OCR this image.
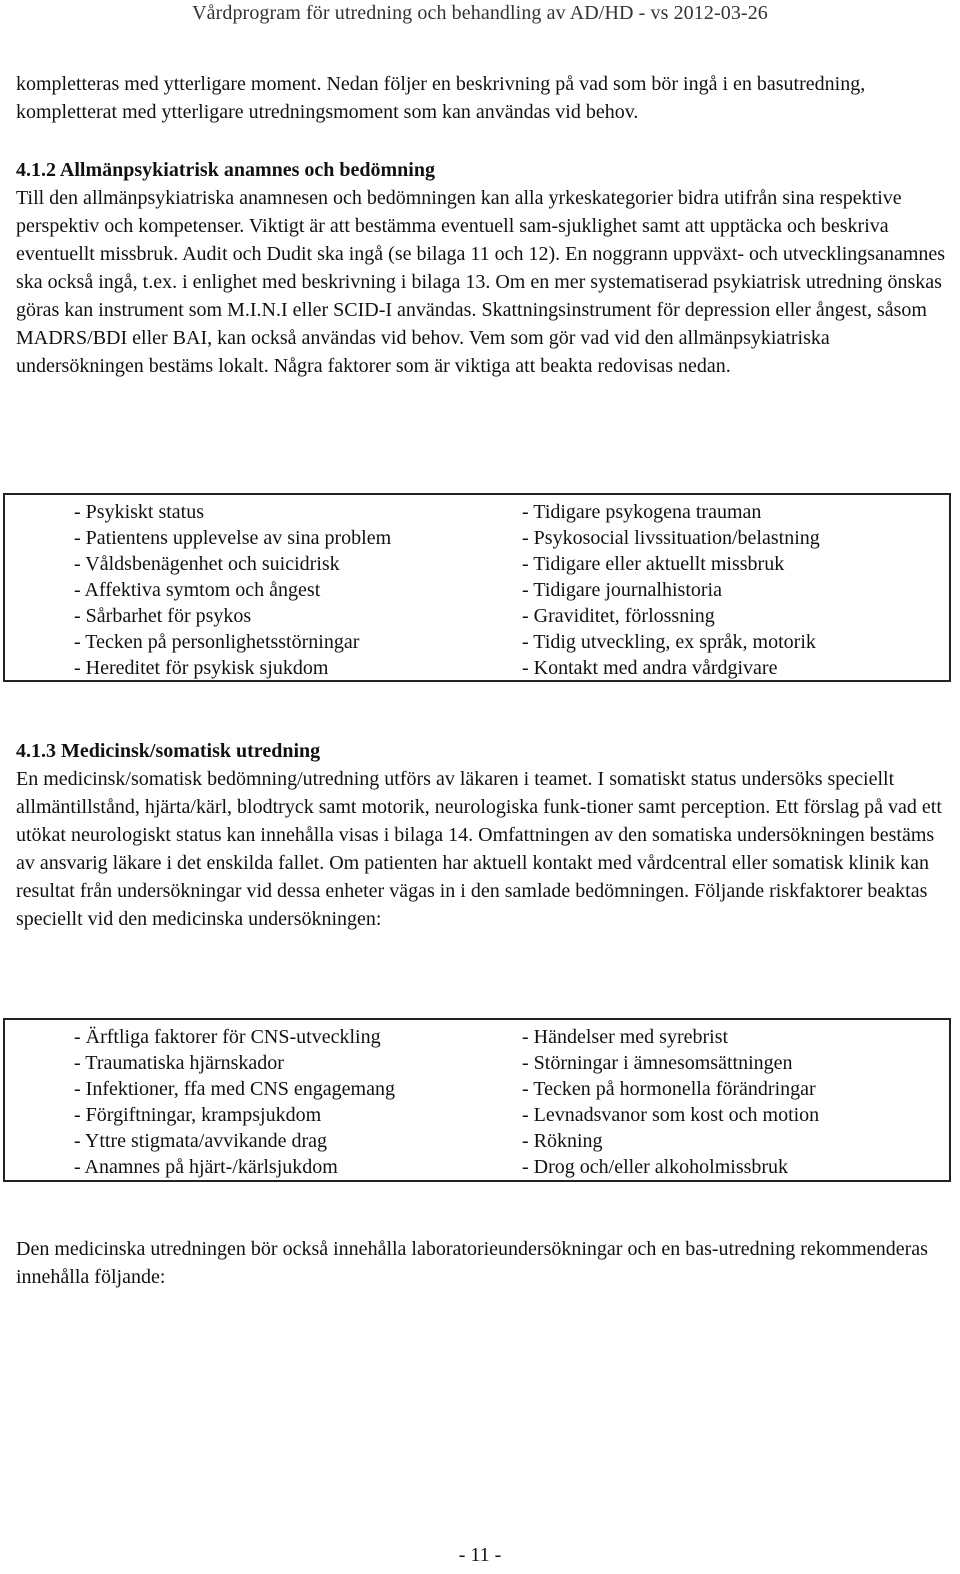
Vårdprogram för utredning och behandling av AD/HD - vs 2012-03-26

kompletteras med ytterligare moment. Nedan följer en beskrivning på vad som bör ingå i en basutredning, kompletterat med ytterligare utredningsmoment som kan användas vid behov.

4.1.2 Allmänpsykiatrisk anamnes och bedömning

Till den allmänpsykiatriska anamnesen och bedömningen kan alla yrkeskategorier bidra utifrån sina respektive perspektiv och kompetenser. Viktigt är att bestämma eventuell sam-sjuklighet samt att upptäcka och beskriva eventuellt missbruk. Audit och Dudit ska ingå (se bilaga 11 och 12). En noggrann uppväxt- och utvecklingsanamnes ska också ingå, t.ex. i enlighet med beskrivning i bilaga 13. Om en mer systematiserad psykiatrisk utredning önskas göras kan instrument som M.I.N.I eller SCID-I användas. Skattningsinstrument för depression eller ångest, såsom MADRS/BDI eller BAI, kan också användas vid behov. Vem som gör vad vid den allmänpsykiatriska undersökningen bestäms lokalt. Några faktorer som är viktiga att beakta redovisas nedan.

- Psykiskt status
- Patientens upplevelse av sina problem
- Våldsbenägenhet och suicidrisk
- Affektiva symtom och ångest
- Sårbarhet för psykos
- Tecken på personlighetsstörningar
- Hereditet för psykisk sjukdom
- Tidigare psykogena trauman
- Psykosocial livssituation/belastning
- Tidigare eller aktuellt missbruk
- Tidigare journalhistoria
- Graviditet, förlossning
- Tidig utveckling, ex språk, motorik
- Kontakt med andra vårdgivare
4.1.3 Medicinsk/somatisk utredning

En medicinsk/somatisk bedömning/utredning utförs av läkaren i teamet. I somatiskt status undersöks speciellt allmäntillstånd, hjärta/kärl, blodtryck samt motorik, neurologiska funk-tioner samt perception. Ett förslag på vad ett utökat neurologiskt status kan innehålla visas i bilaga 14. Omfattningen av den somatiska undersökningen bestäms av ansvarig läkare i det enskilda fallet. Om patienten har aktuell kontakt med vårdcentral eller somatisk klinik kan resultat från undersökningar vid dessa enheter vägas in i den samlade bedömningen. Följande riskfaktorer beaktas speciellt vid den medicinska undersökningen:

- Ärftliga faktorer för CNS-utveckling
- Traumatiska hjärnskador
- Infektioner, ffa med CNS engagemang
- Förgiftningar, krampsjukdom
- Yttre stigmata/avvikande drag
- Anamnes på hjärt-/kärlsjukdom
- Händelser med syrebrist
- Störningar i ämnesomsättningen
- Tecken på hormonella förändringar
- Levnadsvanor som kost och motion
- Rökning
- Drog och/eller alkoholmissbruk

Den medicinska utredningen bör också innehålla laboratorieundersökningar och en bas-utredning rekommenderas innehålla följande:

- 11 -
